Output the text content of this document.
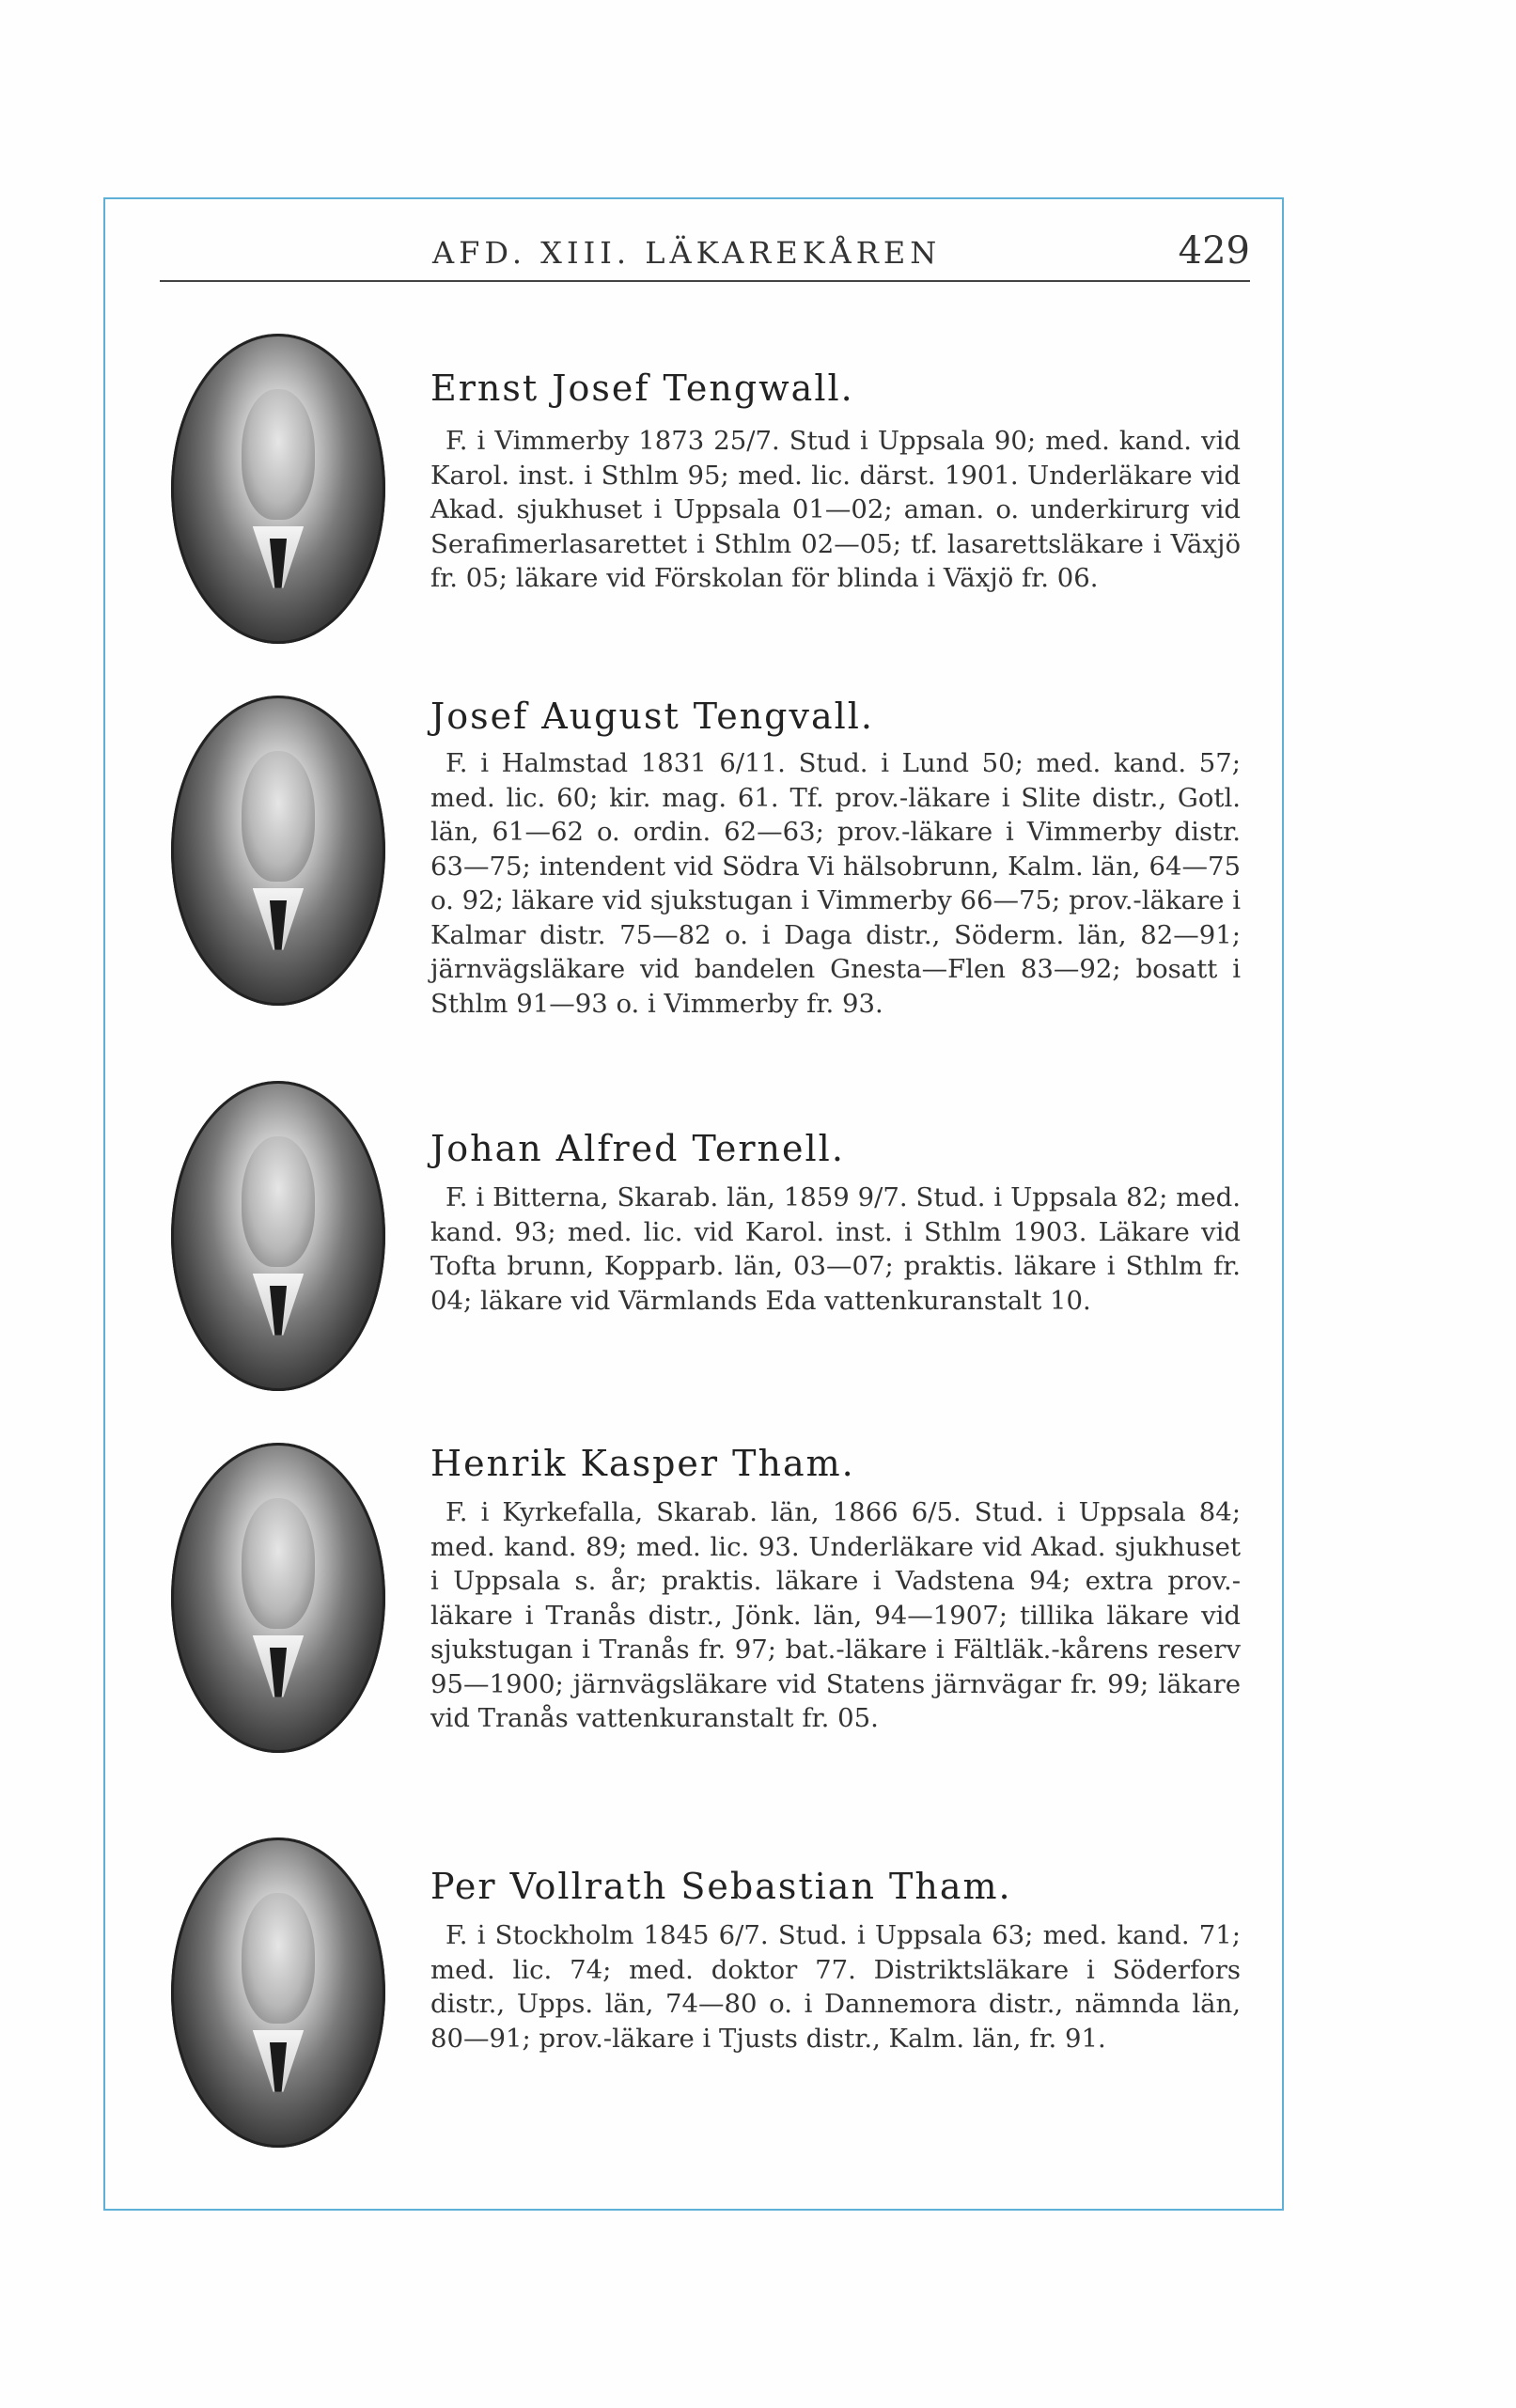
AFD. XIII. LÄKAREKÅREN	429
Ernst Josef Tengwall.
F. i Vimmerby 1873 25/7. Stud i Uppsala 90; med. kand. vid Karol. inst. i Sthlm 95; med. lic. därst. 1901. Underläkare vid Akad. sjukhuset i Uppsala 01—02; aman. o. underkirurg vid Serafimerlasarettet i Sthlm 02—05; tf. lasarettsläkare i Växjö fr. 05; läkare vid Förskolan för blinda i Växjö fr. 06.
Josef August Tengvall.
F. i Halmstad 1831 6/11. Stud. i Lund 50; med. kand. 57; med. lic. 60; kir. mag. 61. Tf. prov.-läkare i Slite distr., Gotl. län, 61—62 o. ordin. 62—63; prov.-läkare i Vimmerby distr. 63—75; intendent vid Södra Vi hälsobrunn, Kalm. län, 64—75 o. 92; läkare vid sjukstugan i Vimmerby 66—75; prov.-läkare i Kalmar distr. 75—82 o. i Daga distr., Söderm. län, 82—91; järnvägsläkare vid bandelen Gnesta—Flen 83—92; bosatt i Sthlm 91—93 o. i Vimmerby fr. 93.
Johan Alfred Ternell.
F. i Bitterna, Skarab. län, 1859 9/7. Stud. i Uppsala 82; med. kand. 93; med. lic. vid Karol. inst. i Sthlm 1903. Läkare vid Tofta brunn, Kopparb. län, 03—07; praktis. läkare i Sthlm fr. 04; läkare vid Värmlands Eda vattenkuranstalt 10.
Henrik Kasper Tham.
F. i Kyrkefalla, Skarab. län, 1866 6/5. Stud. i Uppsala 84; med. kand. 89; med. lic. 93. Underläkare vid Akad. sjukhuset i Uppsala s. år; praktis. läkare i Vadstena 94; extra prov.-läkare i Tranås distr., Jönk. län, 94—1907; tillika läkare vid sjukstugan i Tranås fr. 97; bat.-läkare i Fältläk.-kårens reserv 95—1900; järnvägsläkare vid Statens järnvägar fr. 99; läkare vid Tranås vattenkuranstalt fr. 05.
Per Vollrath Sebastian Tham.
F. i Stockholm 1845 6/7. Stud. i Uppsala 63; med. kand. 71; med. lic. 74; med. doktor 77. Distriktsläkare i Söderfors distr., Upps. län, 74—80 o. i Dannemora distr., nämnda län, 80—91; prov.-läkare i Tjusts distr., Kalm. län, fr. 91.
